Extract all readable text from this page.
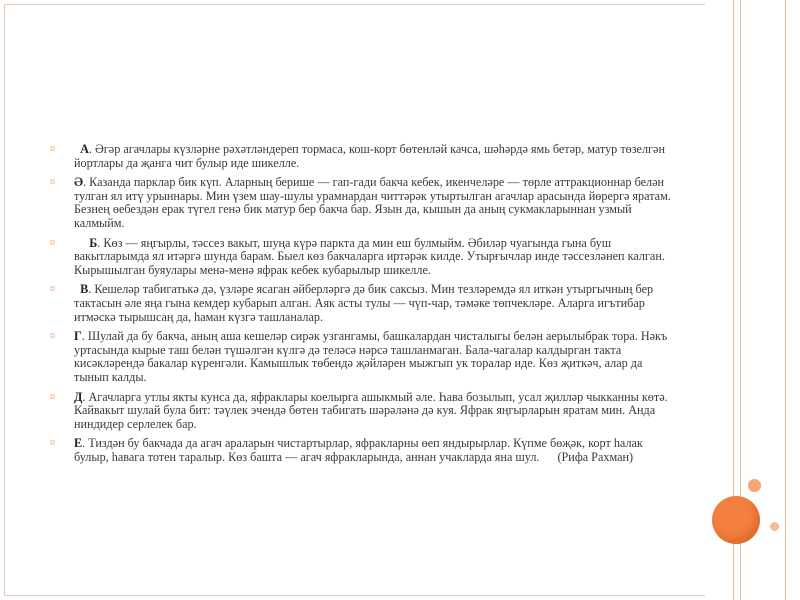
¤ А. Әгәр агачлары күзләрне рәхәтләндереп тормаса, кош-корт бөтенләй качса, шәһәрдә ямь бетәр, матур төзелгән йортлары да җанга чит булыр иде шикелле.

¤ Ә. Казанда парклар бик күп. Аларның берише — гап-гади бакча кебек, икенчеләре — төрле аттракционнар белән тулган ял итү урыннары. Мин үзем шау-шулы урамнардан читтәрәк утыртылган агачлар арасында йөрергә яратам. Безнең өебездән ерак түгел генә бик матур бер бакча бар. Язын да, кышын да аның сукмакларыннан узмый калмыйм.

¤ Б. Көз — яңгырлы, тәссез вакыт, шуңа күрә паркта да мин еш булмыйм. Әбиләр чуагында гына буш вакытларымда ял итәргә шунда барам. Быел көз бакчаларга иртәрәк килде. Утырғычлар инде тәссезләнеп калган. Кырышылган буяулары менә-менә яфрак кебек кубарылыр шикелле.

¤ В. Кешеләр табигатькә дә, үзләре ясаган әйберләргә дә бик саксыз. Мин тезләремдә ял иткән утыргычның бер тактасын әле яңа гына кемдер кубарып алган. Аяк асты тулы — чүп-чар, тәмәке төпчекләре. Аларга игътибар итмәскә тырышсаң да, һаман күзгә ташланалар.

¤ Г. Шулай да бу бакча, аның аша кешеләр сирәк узгангамы, башкалардан чисталыгы белән аерылыбрак тора. Нәкъ уртасында кырые таш белән түшәлгән күлгә дә теләсә нәрсә ташланмаган. Бала-чагалар калдырган такта кисәкләрендә бакалар күренгәли. Камышлык төбендә җәйләрен мыжгып ук торалар иде. Көз җиткәч, алар да тынып калды.

¤ Д. Агачларга утлы якты кунса да, яфраклары коелырга ашыкмый әле. Һава бозылып, усал җилләр чыкканны көтә. Кайвакыт шулай була бит: тәүлек эчендә бөтен табигать шәрәләнә дә куя. Яфрак яңгырларын яратам мин. Анда ниндидер серлелек бар.

¤ Е. Тиздән бу бакчада да агач араларын чистартырлар, яфракларны өеп яндырырлар. Күпме бөҗәк, корт һалак булыр, һавага тотен таралыр. Көз башта — агач яфракларында, аннан учакларда яна шул. (Рифа Рахман)
